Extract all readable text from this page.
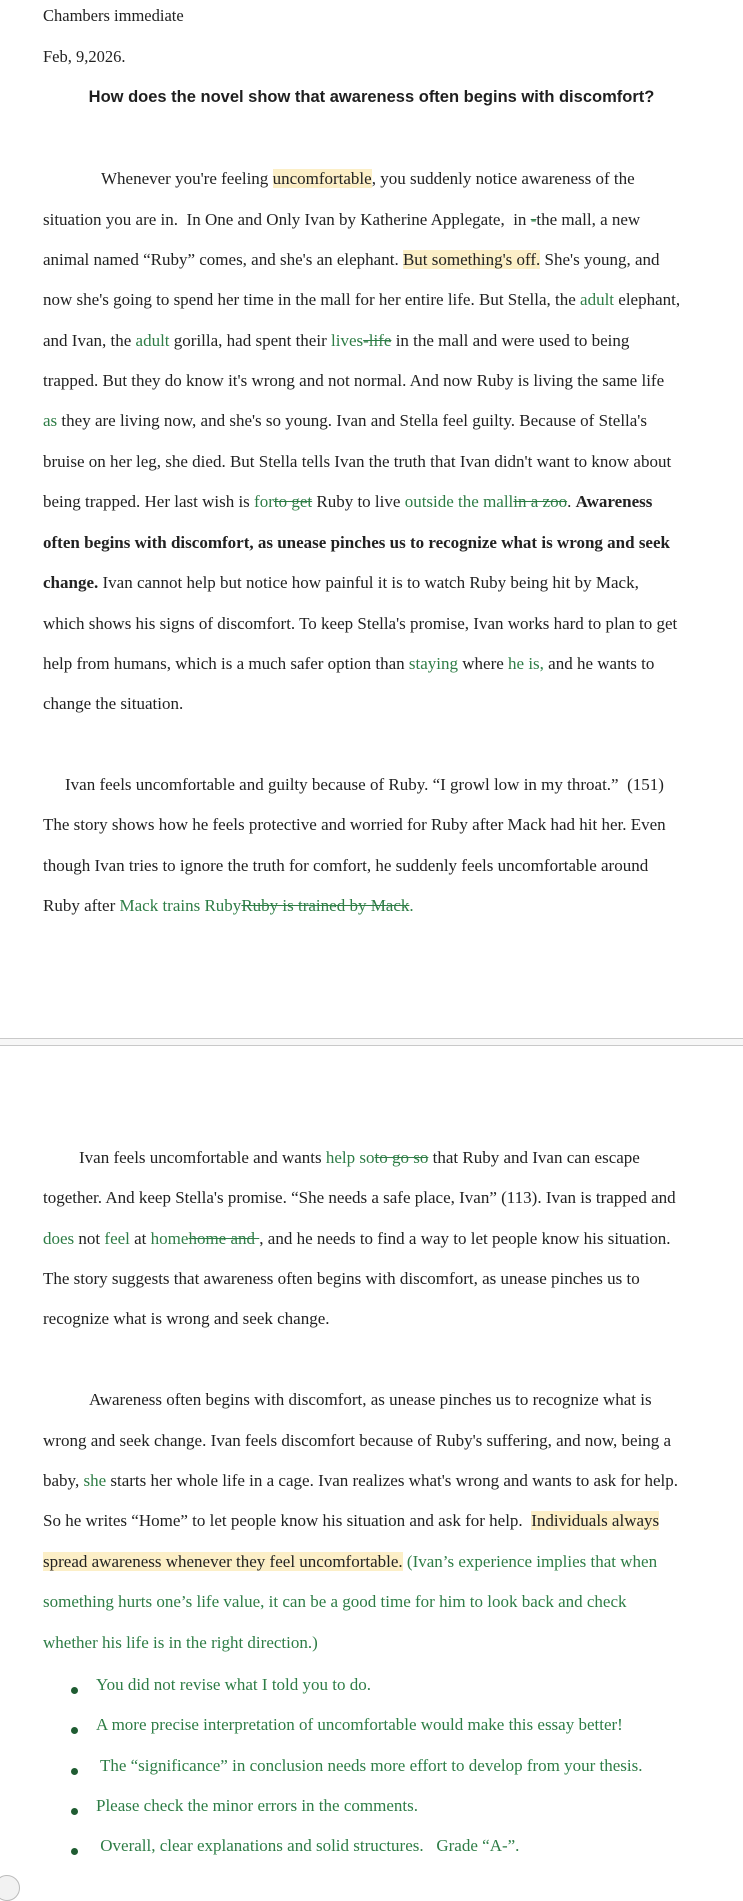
Chambers immediate
Feb, 9,2026.
How does the novel show that awareness often begins with discomfort?
Whenever you're feeling uncomfortable, you suddenly notice awareness of the
situation you are in.  In One and Only Ivan by Katherine Applegate,  in -the mall, a new
animal named “Ruby” comes, and she's an elephant. But something's off. She's young, and
now she's going to spend her time in the mall for her entire life. But Stella, the adult elephant,
and Ivan, the adult gorilla, had spent their lives-life in the mall and were used to being
trapped. But they do know it's wrong and not normal. And now Ruby is living the same life
as they are living now, and she's so young. Ivan and Stella feel guilty. Because of Stella's
bruise on her leg, she died. But Stella tells Ivan the truth that Ivan didn't want to know about
being trapped. Her last wish is forto get Ruby to live outside the mallin a zoo. Awareness
often begins with discomfort, as unease pinches us to recognize what is wrong and seek
change. Ivan cannot help but notice how painful it is to watch Ruby being hit by Mack,
which shows his signs of discomfort. To keep Stella's promise, Ivan works hard to plan to get
help from humans, which is a much safer option than staying where he is, and he wants to
change the situation.
Ivan feels uncomfortable and guilty because of Ruby. “I growl low in my throat.”  (151)
The story shows how he feels protective and worried for Ruby after Mack had hit her. Even
though Ivan tries to ignore the truth for comfort, he suddenly feels uncomfortable around
Ruby after Mack trains RubyRuby is trained by Mack.
Ivan feels uncomfortable and wants help soto go so that Ruby and Ivan can escape
together. And keep Stella's promise. “She needs a safe place, Ivan” (113). Ivan is trapped and
does not feel at homehome and , and he needs to find a way to let people know his situation.
The story suggests that awareness often begins with discomfort, as unease pinches us to
recognize what is wrong and seek change.
Awareness often begins with discomfort, as unease pinches us to recognize what is
wrong and seek change. Ivan feels discomfort because of Ruby's suffering, and now, being a
baby, she starts her whole life in a cage. Ivan realizes what's wrong and wants to ask for help.
So he writes “Home” to let people know his situation and ask for help.  Individuals always
spread awareness whenever they feel uncomfortable. (Ivan’s experience implies that when
something hurts one’s life value, it can be a good time for him to look back and check
whether his life is in the right direction.)
You did not revise what I told you to do.
A more precise interpretation of uncomfortable would make this essay better!
The “significance” in conclusion needs more effort to develop from your thesis.
Please check the minor errors in the comments.
Overall, clear explanations and solid structures.   Grade “A-”.
